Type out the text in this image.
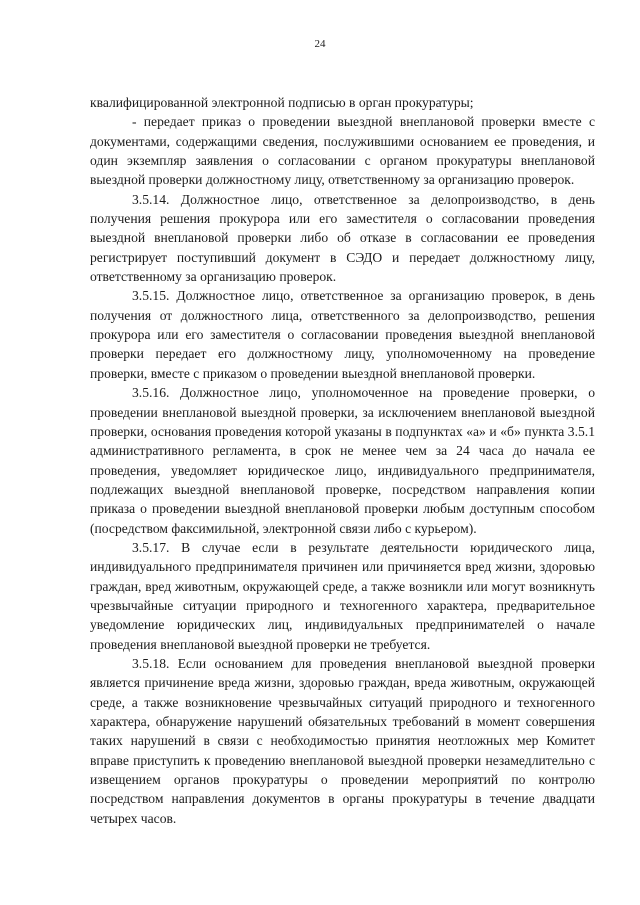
24

квалифицированной электронной подписью в орган прокуратуры;

- передает приказ о проведении выездной внеплановой проверки вместе с документами, содержащими сведения, послужившими основанием ее проведения, и один экземпляр заявления о согласовании с органом прокуратуры внеплановой выездной проверки должностному лицу, ответственному за организацию проверок.

3.5.14. Должностное лицо, ответственное за делопроизводство, в день получения решения прокурора или его заместителя о согласовании проведения выездной внеплановой проверки либо об отказе в согласовании ее проведения регистрирует поступивший документ в СЭДО и передает должностному лицу, ответственному за организацию проверок.

3.5.15. Должностное лицо, ответственное за организацию проверок, в день получения от должностного лица, ответственного за делопроизводство, решения прокурора или его заместителя о согласовании проведения выездной внеплановой проверки передает его должностному лицу, уполномоченному на проведение проверки, вместе с приказом о проведении выездной внеплановой проверки.

3.5.16. Должностное лицо, уполномоченное на проведение проверки, о проведении внеплановой выездной проверки, за исключением внеплановой выездной проверки, основания проведения которой указаны в подпунктах «а» и «б» пункта 3.5.1 административного регламента, в срок не менее чем за 24 часа до начала ее проведения, уведомляет юридическое лицо, индивидуального предпринимателя, подлежащих выездной внеплановой проверке, посредством направления копии приказа о проведении выездной внеплановой проверки любым доступным способом (посредством факсимильной, электронной связи либо с курьером).

3.5.17. В случае если в результате деятельности юридического лица, индивидуального предпринимателя причинен или причиняется вред жизни, здоровью граждан, вред животным, окружающей среде, а также возникли или могут возникнуть чрезвычайные ситуации природного и техногенного характера, предварительное уведомление юридических лиц, индивидуальных предпринимателей о начале проведения внеплановой выездной проверки не требуется.

3.5.18. Если основанием для проведения внеплановой выездной проверки является причинение вреда жизни, здоровью граждан, вреда животным, окружающей среде, а также возникновение чрезвычайных ситуаций природного и техногенного характера, обнаружение нарушений обязательных требований в момент совершения таких нарушений в связи с необходимостью принятия неотложных мер Комитет вправе приступить к проведению внеплановой выездной проверки незамедлительно с извещением органов прокуратуры о проведении мероприятий по контролю посредством направления документов в органы прокуратуры в течение двадцати четырех часов.
